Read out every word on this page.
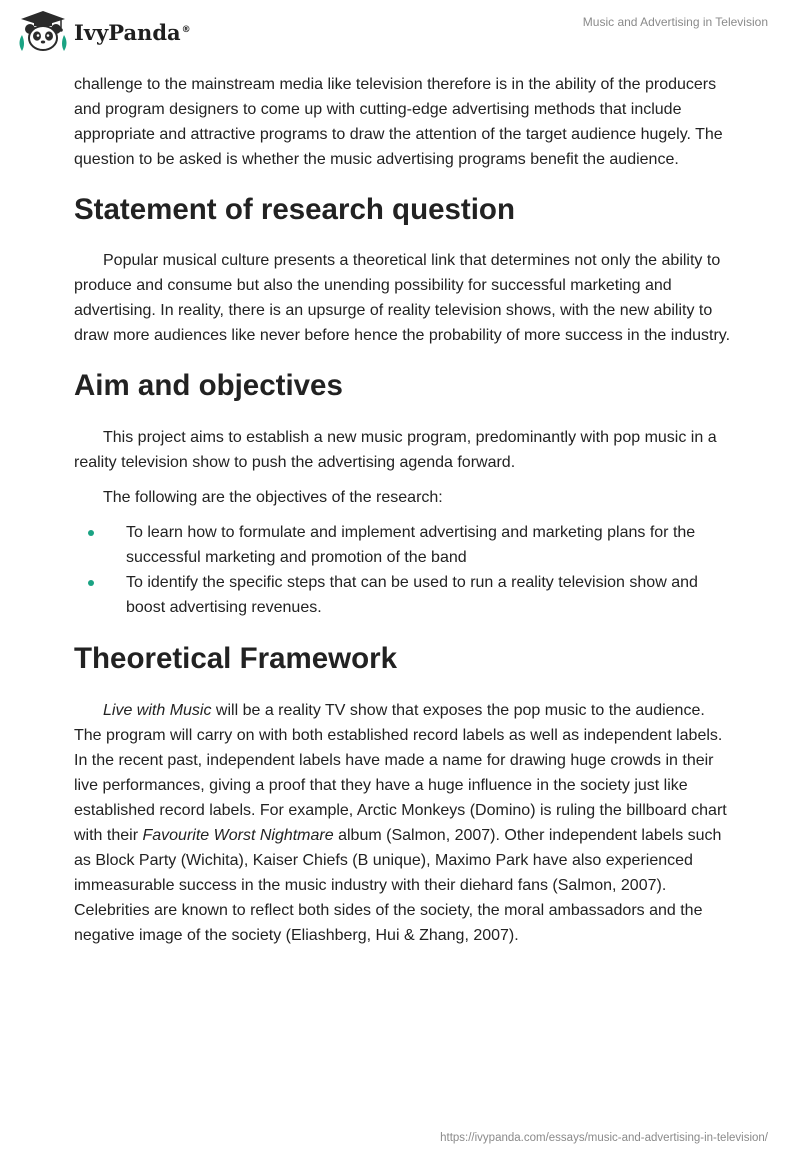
IvyPanda®
Music and Advertising in Television

challenge to the mainstream media like television therefore is in the ability of the producers and program designers to come up with cutting-edge advertising methods that include appropriate and attractive programs to draw the attention of the target audience hugely. The question to be asked is whether the music advertising programs benefit the audience.

Statement of research question

Popular musical culture presents a theoretical link that determines not only the ability to produce and consume but also the unending possibility for successful marketing and advertising. In reality, there is an upsurge of reality television shows, with the new ability to draw more audiences like never before hence the probability of more success in the industry.

Aim and objectives

This project aims to establish a new music program, predominantly with pop music in a reality television show to push the advertising agenda forward.

The following are the objectives of the research:

To learn how to formulate and implement advertising and marketing plans for the successful marketing and promotion of the band
To identify the specific steps that can be used to run a reality television show and boost advertising revenues.
Theoretical Framework

Live with Music will be a reality TV show that exposes the pop music to the audience. The program will carry on with both established record labels as well as independent labels. In the recent past, independent labels have made a name for drawing huge crowds in their live performances, giving a proof that they have a huge influence in the society just like established record labels. For example, Arctic Monkeys (Domino) is ruling the billboard chart with their Favourite Worst Nightmare album (Salmon, 2007). Other independent labels such as Block Party (Wichita), Kaiser Chiefs (B unique), Maximo Park have also experienced immeasurable success in the music industry with their diehard fans (Salmon, 2007). Celebrities are known to reflect both sides of the society, the moral ambassadors and the negative image of the society (Eliashberg, Hui & Zhang, 2007).

https://ivypanda.com/essays/music-and-advertising-in-television/
